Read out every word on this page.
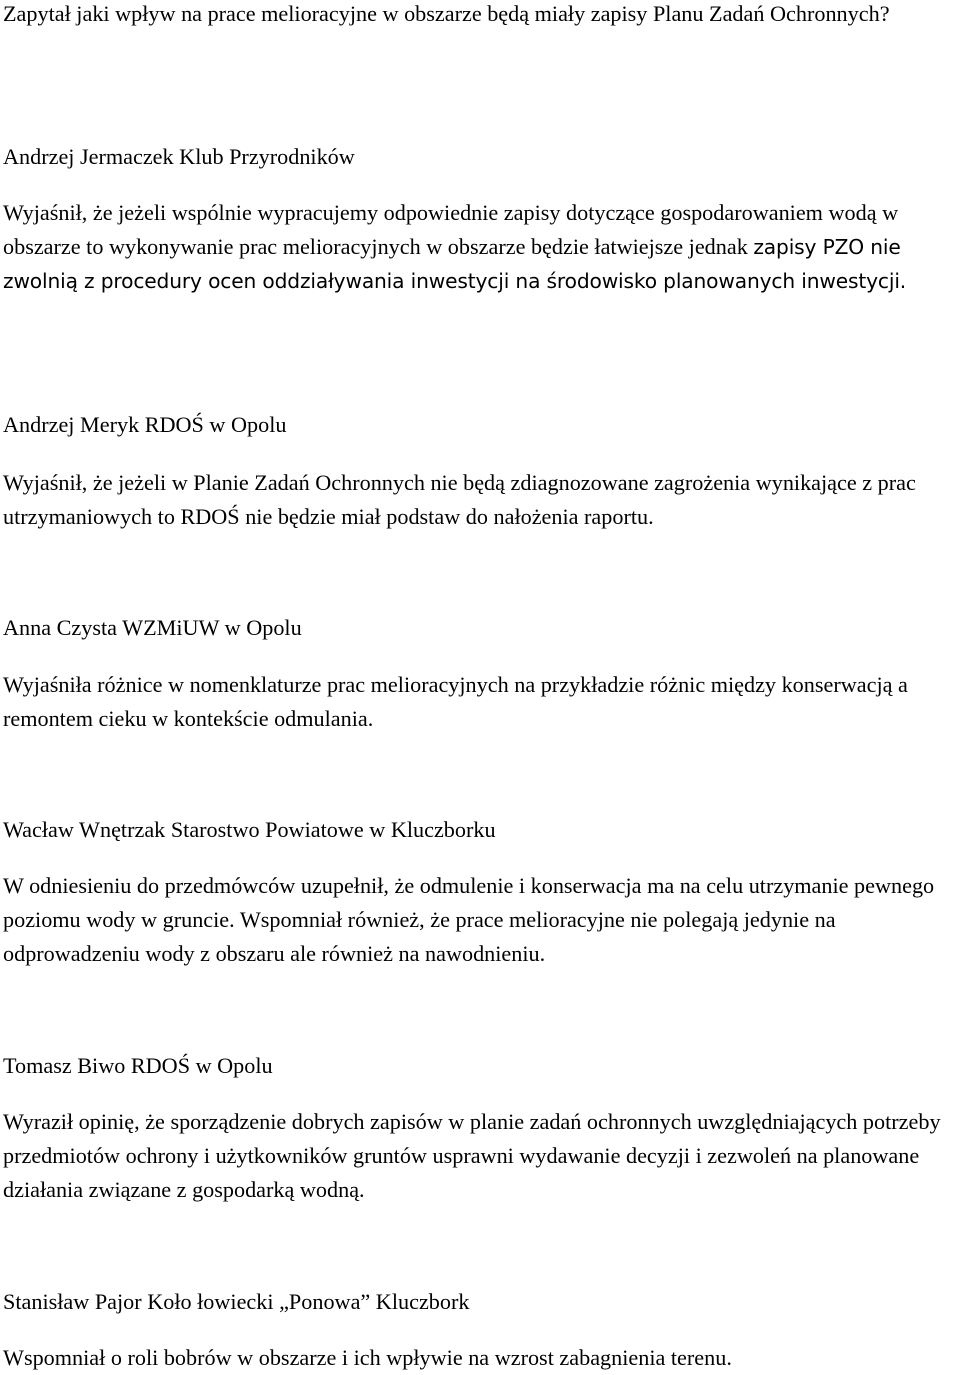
Zapytał jaki wpływ na prace melioracyjne w obszarze będą miały zapisy Planu Zadań Ochronnych?

Andrzej Jermaczek Klub Przyrodników

Wyjaśnił, że jeżeli wspólnie wypracujemy odpowiednie zapisy dotyczące gospodarowaniem wodą w obszarze to wykonywanie prac melioracyjnych w obszarze będzie łatwiejsze jednak zapisy PZO nie zwolnią z procedury ocen oddziaływania inwestycji na środowisko planowanych inwestycji.

Andrzej Meryk RDOŚ w Opolu

Wyjaśnił, że jeżeli w Planie Zadań Ochronnych nie będą zdiagnozowane zagrożenia wynikające z prac utrzymaniowych to RDOŚ nie będzie miał podstaw do nałożenia raportu.

Anna Czysta WZMiUW w Opolu

Wyjaśniła różnice w nomenklaturze prac melioracyjnych na przykładzie różnic między konserwacją a remontem cieku w kontekście odmulania.

Wacław Wnętrzak Starostwo Powiatowe w Kluczborku

W odniesieniu do przedmówców uzupełnił, że odmulenie i konserwacja ma na celu utrzymanie pewnego poziomu wody w gruncie. Wspomniał również, że prace melioracyjne nie polegają jedynie na odprowadzeniu wody z obszaru ale również na nawodnieniu.

Tomasz Biwo RDOŚ w Opolu

Wyraził opinię, że sporządzenie dobrych zapisów w planie zadań ochronnych uwzględniających potrzeby przedmiotów ochrony i użytkowników gruntów usprawni wydawanie decyzji i zezwoleń na planowane działania związane z gospodarką wodną.

Stanisław Pajor Koło łowiecki „Ponowa” Kluczbork

Wspomniał o roli bobrów w obszarze i ich wpływie na wzrost zabagnienia terenu.
